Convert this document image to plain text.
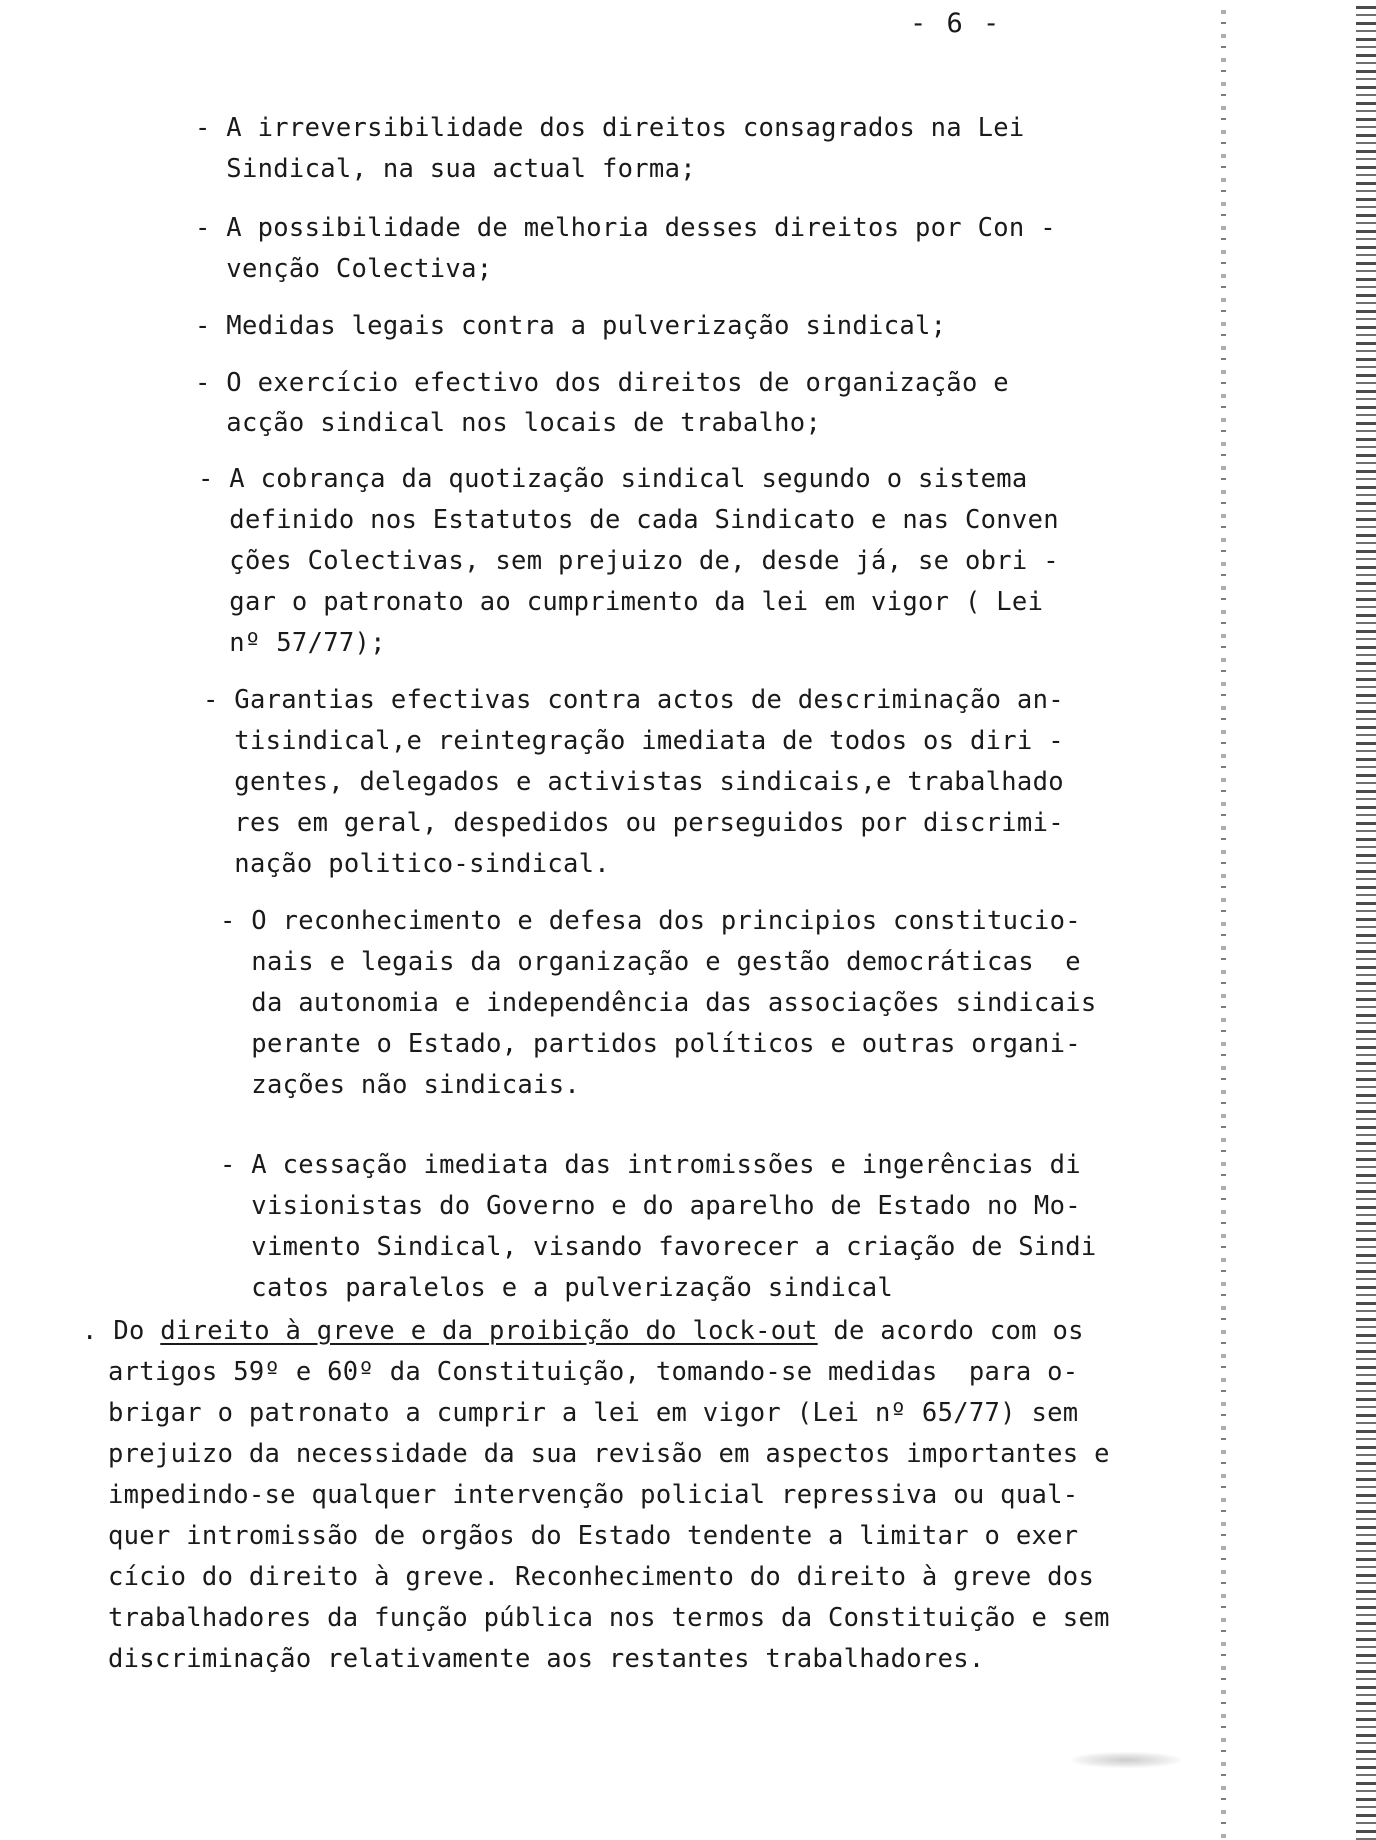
- 6 -
- A irreversibilidade dos direitos consagrados na Lei
Sindical, na sua actual forma;
- A possibilidade de melhoria desses direitos por Con -
venção Colectiva;
- Medidas legais contra a pulverização sindical;
- O exercício efectivo dos direitos de organização e
acção sindical nos locais de trabalho;
- A cobrança da quotização sindical segundo o sistema
definido nos Estatutos de cada Sindicato e nas Conven
ções Colectivas, sem prejuizo de, desde já, se obri -
gar o patronato ao cumprimento da lei em vigor ( Lei
nº 57/77);
- Garantias efectivas contra actos de descriminação an-
tisindical,e reintegração imediata de todos os diri -
gentes, delegados e activistas sindicais,e trabalhado
res em geral, despedidos ou perseguidos por discrimi-
nação politico-sindical.
- O reconhecimento e defesa dos principios constitucio-
nais e legais da organização e gestão democráticas  e
da autonomia e independência das associações sindicais
perante o Estado, partidos políticos e outras organi-
zações não sindicais.
- A cessação imediata das intromissões e ingerências di
visionistas do Governo e do aparelho de Estado no Mo-
vimento Sindical, visando favorecer a criação de Sindi
catos paralelos e a pulverização sindical
. Do direito à greve e da proibição do lock-out de acordo com os
artigos 59º e 60º da Constituição, tomando-se medidas  para o-
brigar o patronato a cumprir a lei em vigor (Lei nº 65/77) sem
prejuizo da necessidade da sua revisão em aspectos importantes e
impedindo-se qualquer intervenção policial repressiva ou qual-
quer intromissão de orgãos do Estado tendente a limitar o exer
cício do direito à greve. Reconhecimento do direito à greve dos
trabalhadores da função pública nos termos da Constituição e sem
discriminação relativamente aos restantes trabalhadores.
